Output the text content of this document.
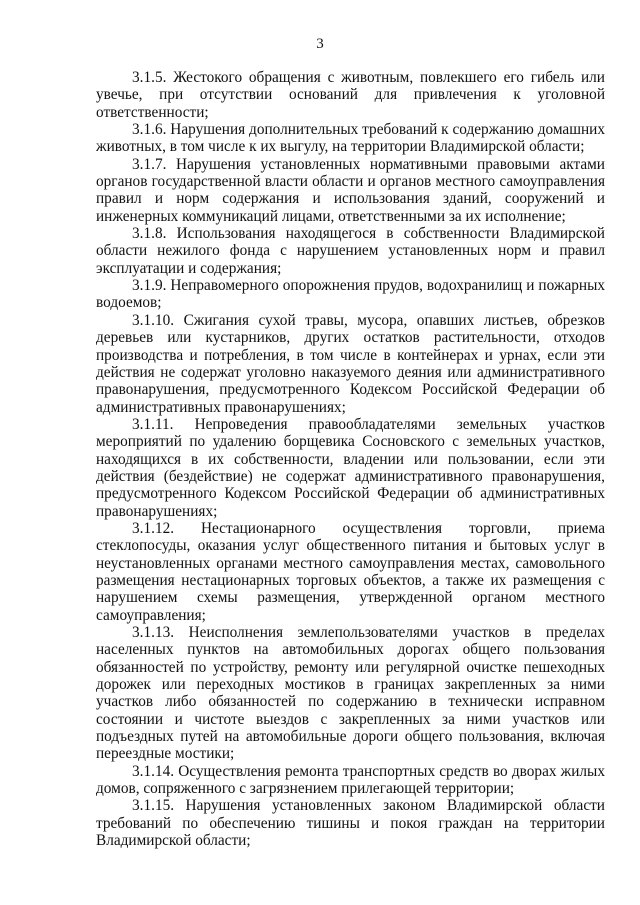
3

3.1.5. Жестокого обращения с животным, повлекшего его гибель или увечье, при отсутствии оснований для привлечения к уголовной ответственности;

3.1.6. Нарушения дополнительных требований к содержанию домашних животных, в том числе к их выгулу, на территории Владимирской области;

3.1.7. Нарушения установленных нормативными правовыми актами органов государственной власти области и органов местного самоуправления правил и норм содержания и использования зданий, сооружений и инженерных коммуникаций лицами, ответственными за их исполнение;

3.1.8. Использования находящегося в собственности Владимирской области нежилого фонда с нарушением установленных норм и правил эксплуатации и содержания;

3.1.9. Неправомерного опорожнения прудов, водохранилищ и пожарных водоемов;

3.1.10. Сжигания сухой травы, мусора, опавших листьев, обрезков деревьев или кустарников, других остатков растительности, отходов производства и потребления, в том числе в контейнерах и урнах, если эти действия не содержат уголовно наказуемого деяния или административного правонарушения, предусмотренного Кодексом Российской Федерации об административных правонарушениях;

3.1.11. Непроведения правообладателями земельных участков мероприятий по удалению борщевика Сосновского с земельных участков, находящихся в их собственности, владении или пользовании, если эти действия (бездействие) не содержат административного правонарушения, предусмотренного Кодексом Российской Федерации об административных правонарушениях;

3.1.12. Нестационарного осуществления торговли, приема стеклопосуды, оказания услуг общественного питания и бытовых услуг в неустановленных органами местного самоуправления местах, самовольного размещения нестационарных торговых объектов, а также их размещения с нарушением схемы размещения, утвержденной органом местного самоуправления;

3.1.13. Неисполнения землепользователями участков в пределах населенных пунктов на автомобильных дорогах общего пользования обязанностей по устройству, ремонту или регулярной очистке пешеходных дорожек или переходных мостиков в границах закрепленных за ними участков либо обязанностей по содержанию в технически исправном состоянии и чистоте выездов с закрепленных за ними участков или подъездных путей на автомобильные дороги общего пользования, включая переездные мостики;

3.1.14. Осуществления ремонта транспортных средств во дворах жилых домов, сопряженного с загрязнением прилегающей территории;

3.1.15. Нарушения установленных законом Владимирской области требований по обеспечению тишины и покоя граждан на территории Владимирской области;
